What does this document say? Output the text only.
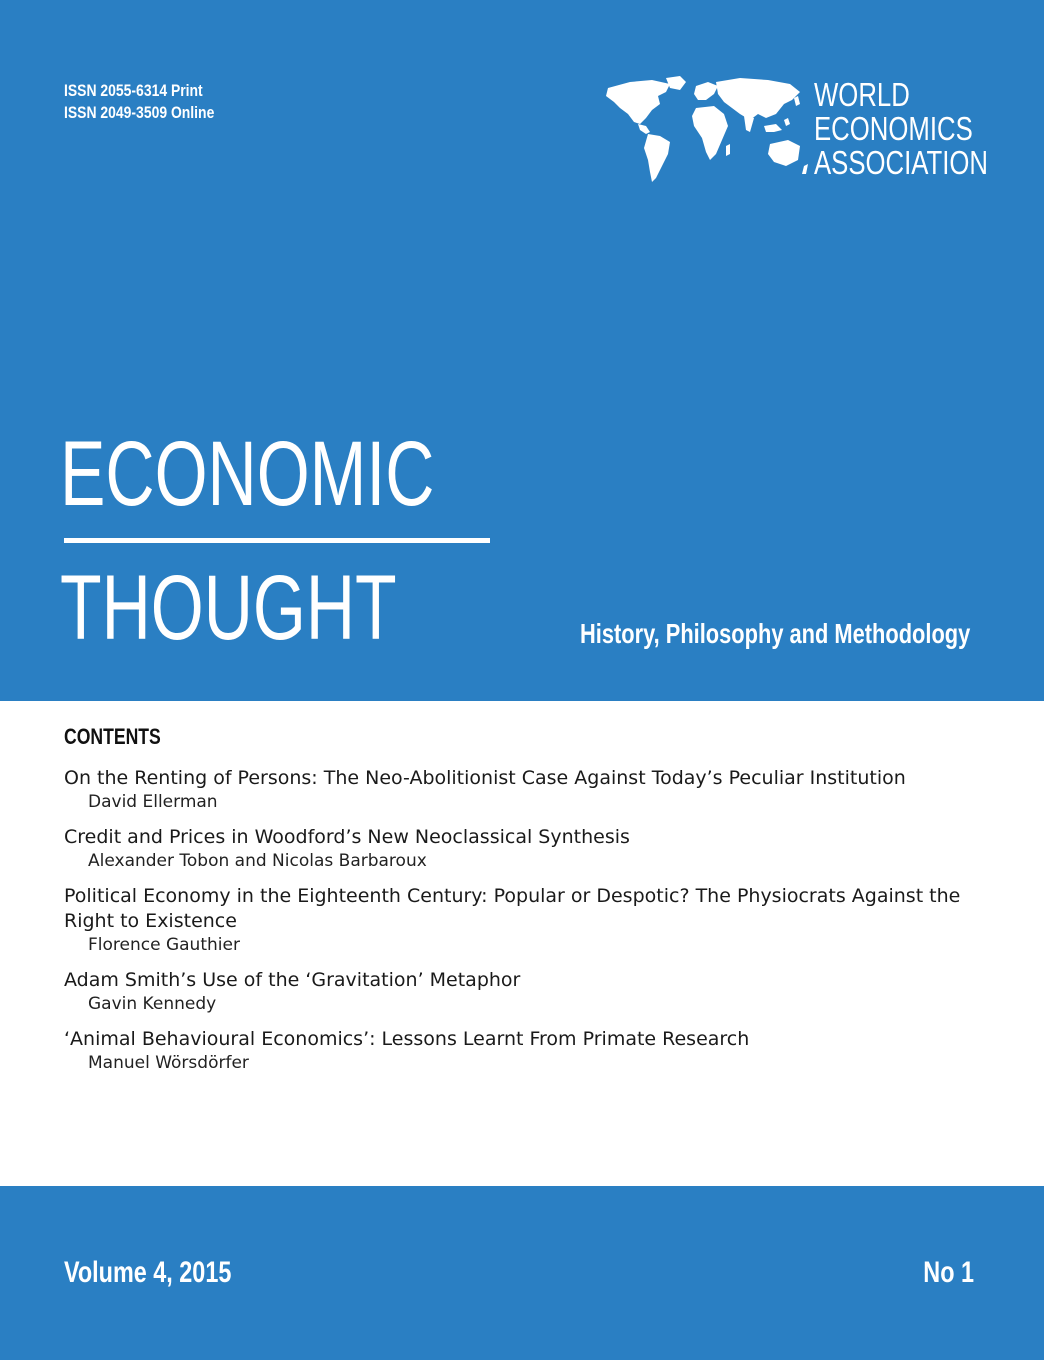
ISSN 2055-6314 Print
ISSN 2049-3509 Online	WORLD
ECONOMICS
ASSOCIATION
ECONOMIC
THOUGHT	History, Philosophy and Methodology
CONTENTS
On the Renting of Persons: The Neo-Abolitionist Case Against Today’s Peculiar Institution
David Ellerman
Credit and Prices in Woodford’s New Neoclassical Synthesis
Alexander Tobon and Nicolas Barbaroux
Political Economy in the Eighteenth Century: Popular or Despotic? The Physiocrats Against the Right to Existence
Florence Gauthier
Adam Smith’s Use of the ‘Gravitation’ Metaphor
Gavin Kennedy
‘Animal Behavioural Economics’: Lessons Learnt From Primate Research
Manuel Wörsdörfer
Volume 4, 2015	No 1
